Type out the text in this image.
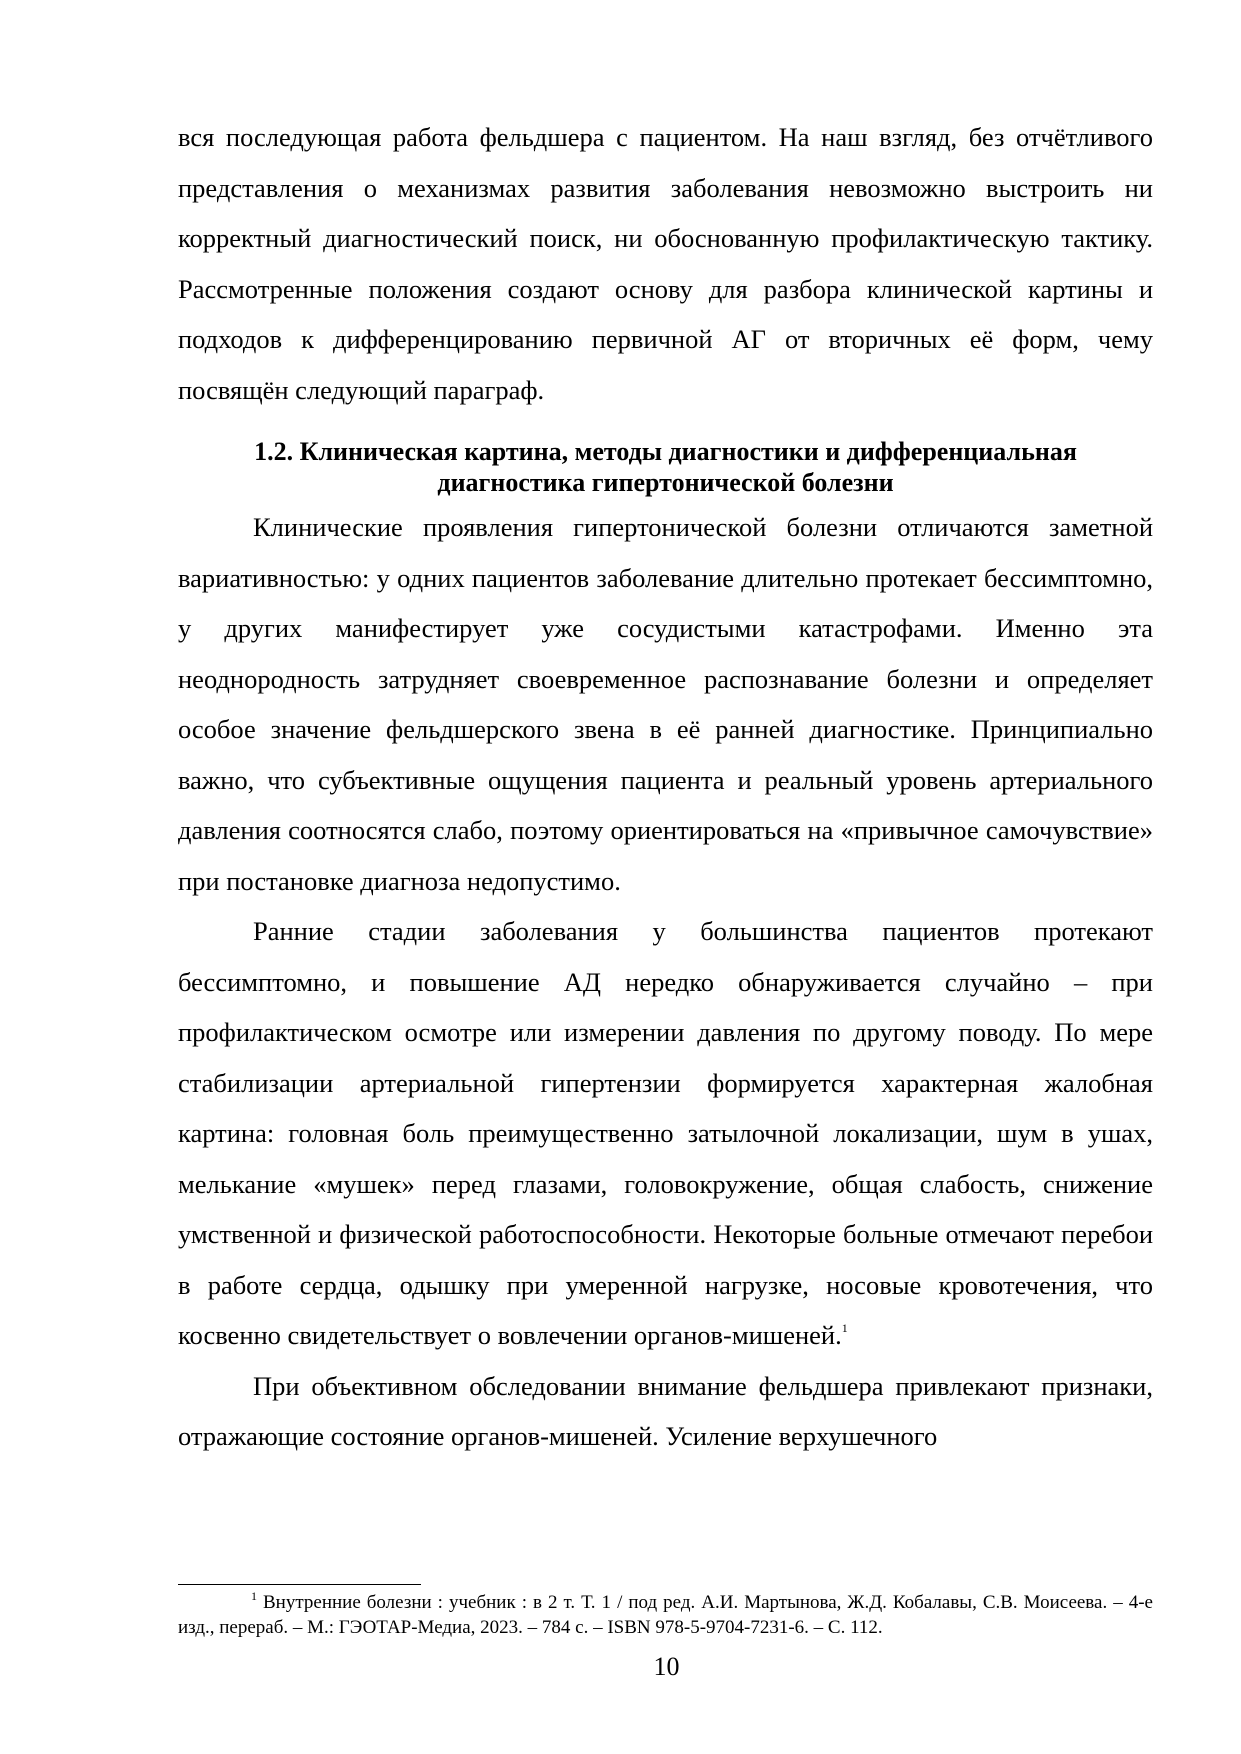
вся последующая работа фельдшера с пациентом. На наш взгляд, без отчётливого представления о механизмах развития заболевания невозможно выстроить ни корректный диагностический поиск, ни обоснованную профилактическую тактику. Рассмотренные положения создают основу для разбора клинической картины и подходов к дифференцированию первичной АГ от вторичных её форм, чему посвящён следующий параграф.

1.2. Клиническая картина, методы диагностики и дифференциальная
диагностика гипертонической болезни

Клинические проявления гипертонической болезни отличаются заметной вариативностью: у одних пациентов заболевание длительно протекает бессимптомно, у других манифестирует уже сосудистыми катастрофами. Именно эта неоднородность затрудняет своевременное распознавание болезни и определяет особое значение фельдшерского звена в её ранней диагностике. Принципиально важно, что субъективные ощущения пациента и реальный уровень артериального давления соотносятся слабо, поэтому ориентироваться на «привычное самочувствие» при постановке диагноза недопустимо.

Ранние стадии заболевания у большинства пациентов протекают бессимптомно, и повышение АД нередко обнаруживается случайно – при профилактическом осмотре или измерении давления по другому поводу. По мере стабилизации артериальной гипертензии формируется характерная жалобная картина: головная боль преимущественно затылочной локализации, шум в ушах, мелькание «мушек» перед глазами, головокружение, общая слабость, снижение умственной и физической работоспособности. Некоторые больные отмечают перебои в работе сердца, одышку при умеренной нагрузке, носовые кровотечения, что косвенно свидетельствует о вовлечении органов-мишеней.$^1$

При объективном обследовании внимание фельдшера привлекают признаки, отражающие состояние органов-мишеней. Усиление верхушечного

$^1$ Внутренние болезни : учебник : в 2 т. Т. 1 / под ред. А.И. Мартынова, Ж.Д. Кобалавы, С.В. Моисеева. – 4-е изд., перераб. – М.: ГЭОТАР-Медиа, 2023. – 784 с. – ISBN 978-5-9704-7231-6. – С. 112.

10
